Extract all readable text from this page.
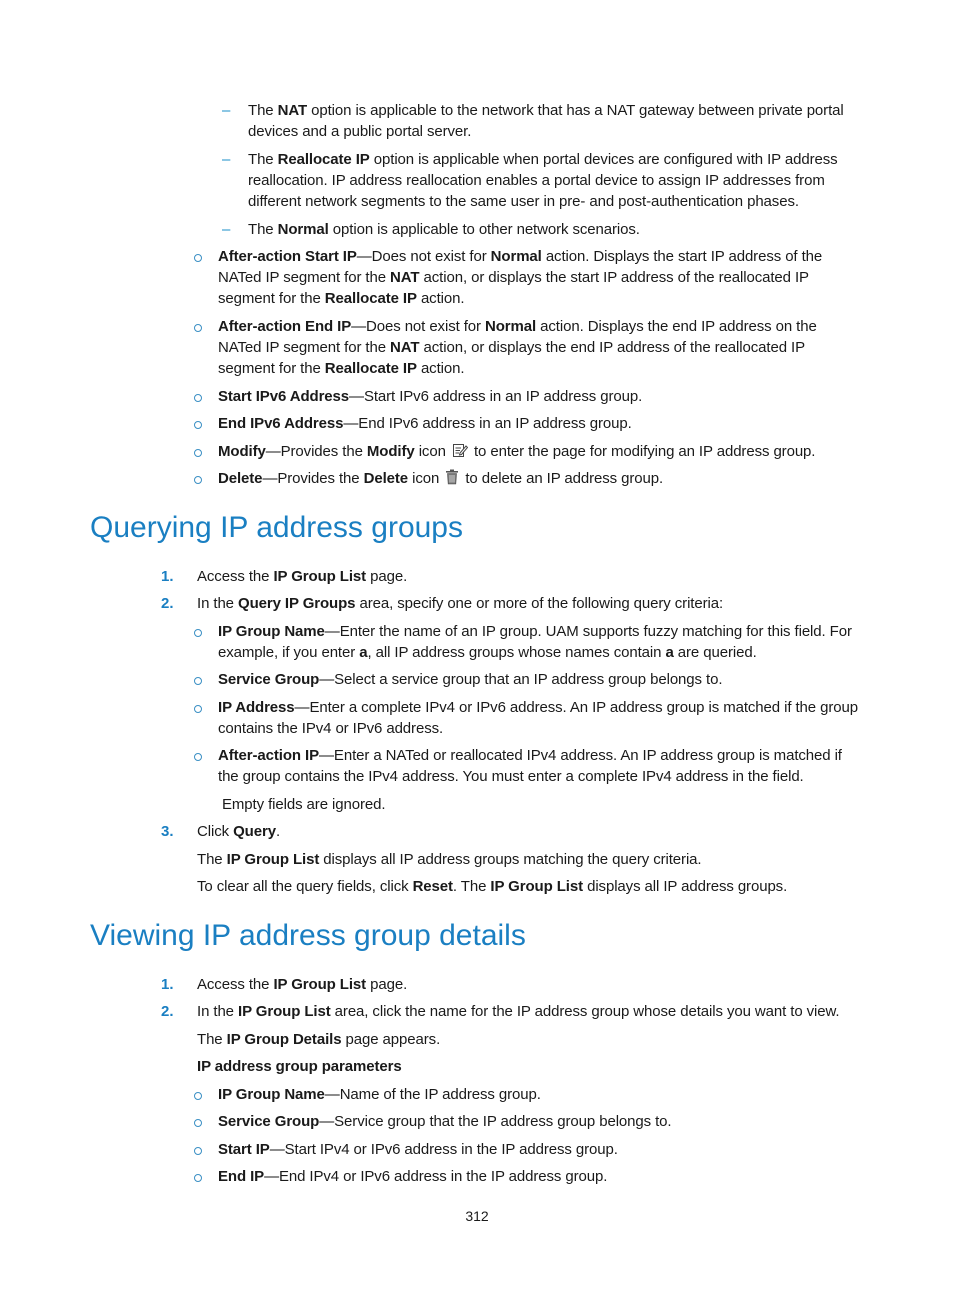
– The NAT option is applicable to the network that has a NAT gateway between private portal
devices and a public portal server.
– The Reallocate IP option is applicable when portal devices are configured with IP address
reallocation. IP address reallocation enables a portal device to assign IP addresses from
different network segments to the same user in pre- and post-authentication phases.
– The Normal option is applicable to other network scenarios.
After-action Start IP—Does not exist for Normal action. Displays the start IP address of the
NATed IP segment for the NAT action, or displays the start IP address of the reallocated IP
segment for the Reallocate IP action.
After-action End IP—Does not exist for Normal action. Displays the end IP address on the
NATed IP segment for the NAT action, or displays the end IP address of the reallocated IP
segment for the Reallocate IP action.
Start IPv6 Address—Start IPv6 address in an IP address group.
End IPv6 Address—End IPv6 address in an IP address group.
Modify—Provides the Modify icon  to enter the page for modifying an IP address group.
Delete—Provides the Delete icon  to delete an IP address group.
Querying IP address groups
1. Access the IP Group List page.
2. In the Query IP Groups area, specify one or more of the following query criteria:
IP Group Name—Enter the name of an IP group. UAM supports fuzzy matching for this field. For
example, if you enter a, all IP address groups whose names contain a are queried.
Service Group—Select a service group that an IP address group belongs to.
IP Address—Enter a complete IPv4 or IPv6 address. An IP address group is matched if the group
contains the IPv4 or IPv6 address.
After-action IP—Enter a NATed or reallocated IPv4 address. An IP address group is matched if
the group contains the IPv4 address. You must enter a complete IPv4 address in the field.
Empty fields are ignored.
3. Click Query.
The IP Group List displays all IP address groups matching the query criteria.
To clear all the query fields, click Reset. The IP Group List displays all IP address groups.
Viewing IP address group details
1. Access the IP Group List page.
2. In the IP Group List area, click the name for the IP address group whose details you want to view.
The IP Group Details page appears.
IP address group parameters
IP Group Name—Name of the IP address group.
Service Group—Service group that the IP address group belongs to.
Start IP—Start IPv4 or IPv6 address in the IP address group.
End IP—End IPv4 or IPv6 address in the IP address group.
312
